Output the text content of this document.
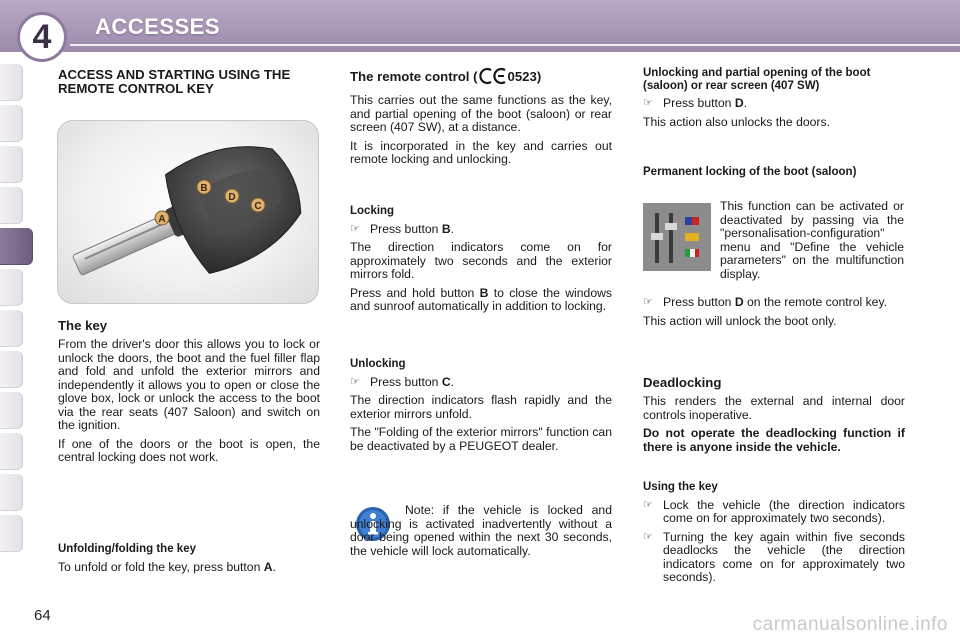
4	ACCESSES

ACCESS AND STARTING USING THE REMOTE CONTROL KEY

B
D
C
A

The key

From the driver's door this allows you to lock or unlock the doors, the boot and the fuel filler flap and fold and unfold the exterior mirrors and independently it allows you to open or close the glove box, lock or unlock the access to the boot via the rear seats (407 Saloon) and switch on the ignition.

If one of the doors or the boot is open, the central locking does not work.

Unfolding/folding the key

To unfold or fold the key, press button A.

The remote control ( 0523)

This carries out the same functions as the key, and partial opening of the boot (saloon) or rear screen (407 SW), at a distance.

It is incorporated in the key and carries out remote locking and unlocking.

Locking

☞ Press button B.

The direction indicators come on for approximately two seconds and the exterior mirrors fold.

Press and hold button B to close the windows and sunroof automatically in addition to locking.

Unlocking

☞ Press button C.

The direction indicators flash rapidly and the exterior mirrors unfold.

The "Folding of the exterior mirrors" function can be deactivated by a PEUGEOT dealer.

Note: if the vehicle is locked and unlocking is activated inadvertently without a door being opened within the next 30 seconds, the vehicle will lock automatically.

Unlocking and partial opening of the boot (saloon) or rear screen (407 SW)

☞ Press button D.

This action also unlocks the doors.

Permanent locking of the boot (saloon)

This function can be activated or deactivated by passing via the "personalisation-configuration" menu and "Define the vehicle parameters" on the multifunction display.

☞ Press button D on the remote control key.

This action will unlock the boot only.

Deadlocking

This renders the external and internal door controls inoperative.

Do not operate the deadlocking function if there is anyone inside the vehicle.

Using the key

☞ Lock the vehicle (the direction indicators come on for approximately two seconds).
☞ Turning the key again within five seconds deadlocks the vehicle (the direction indicators come on for approximately two seconds).
64	carmanualsonline.info
